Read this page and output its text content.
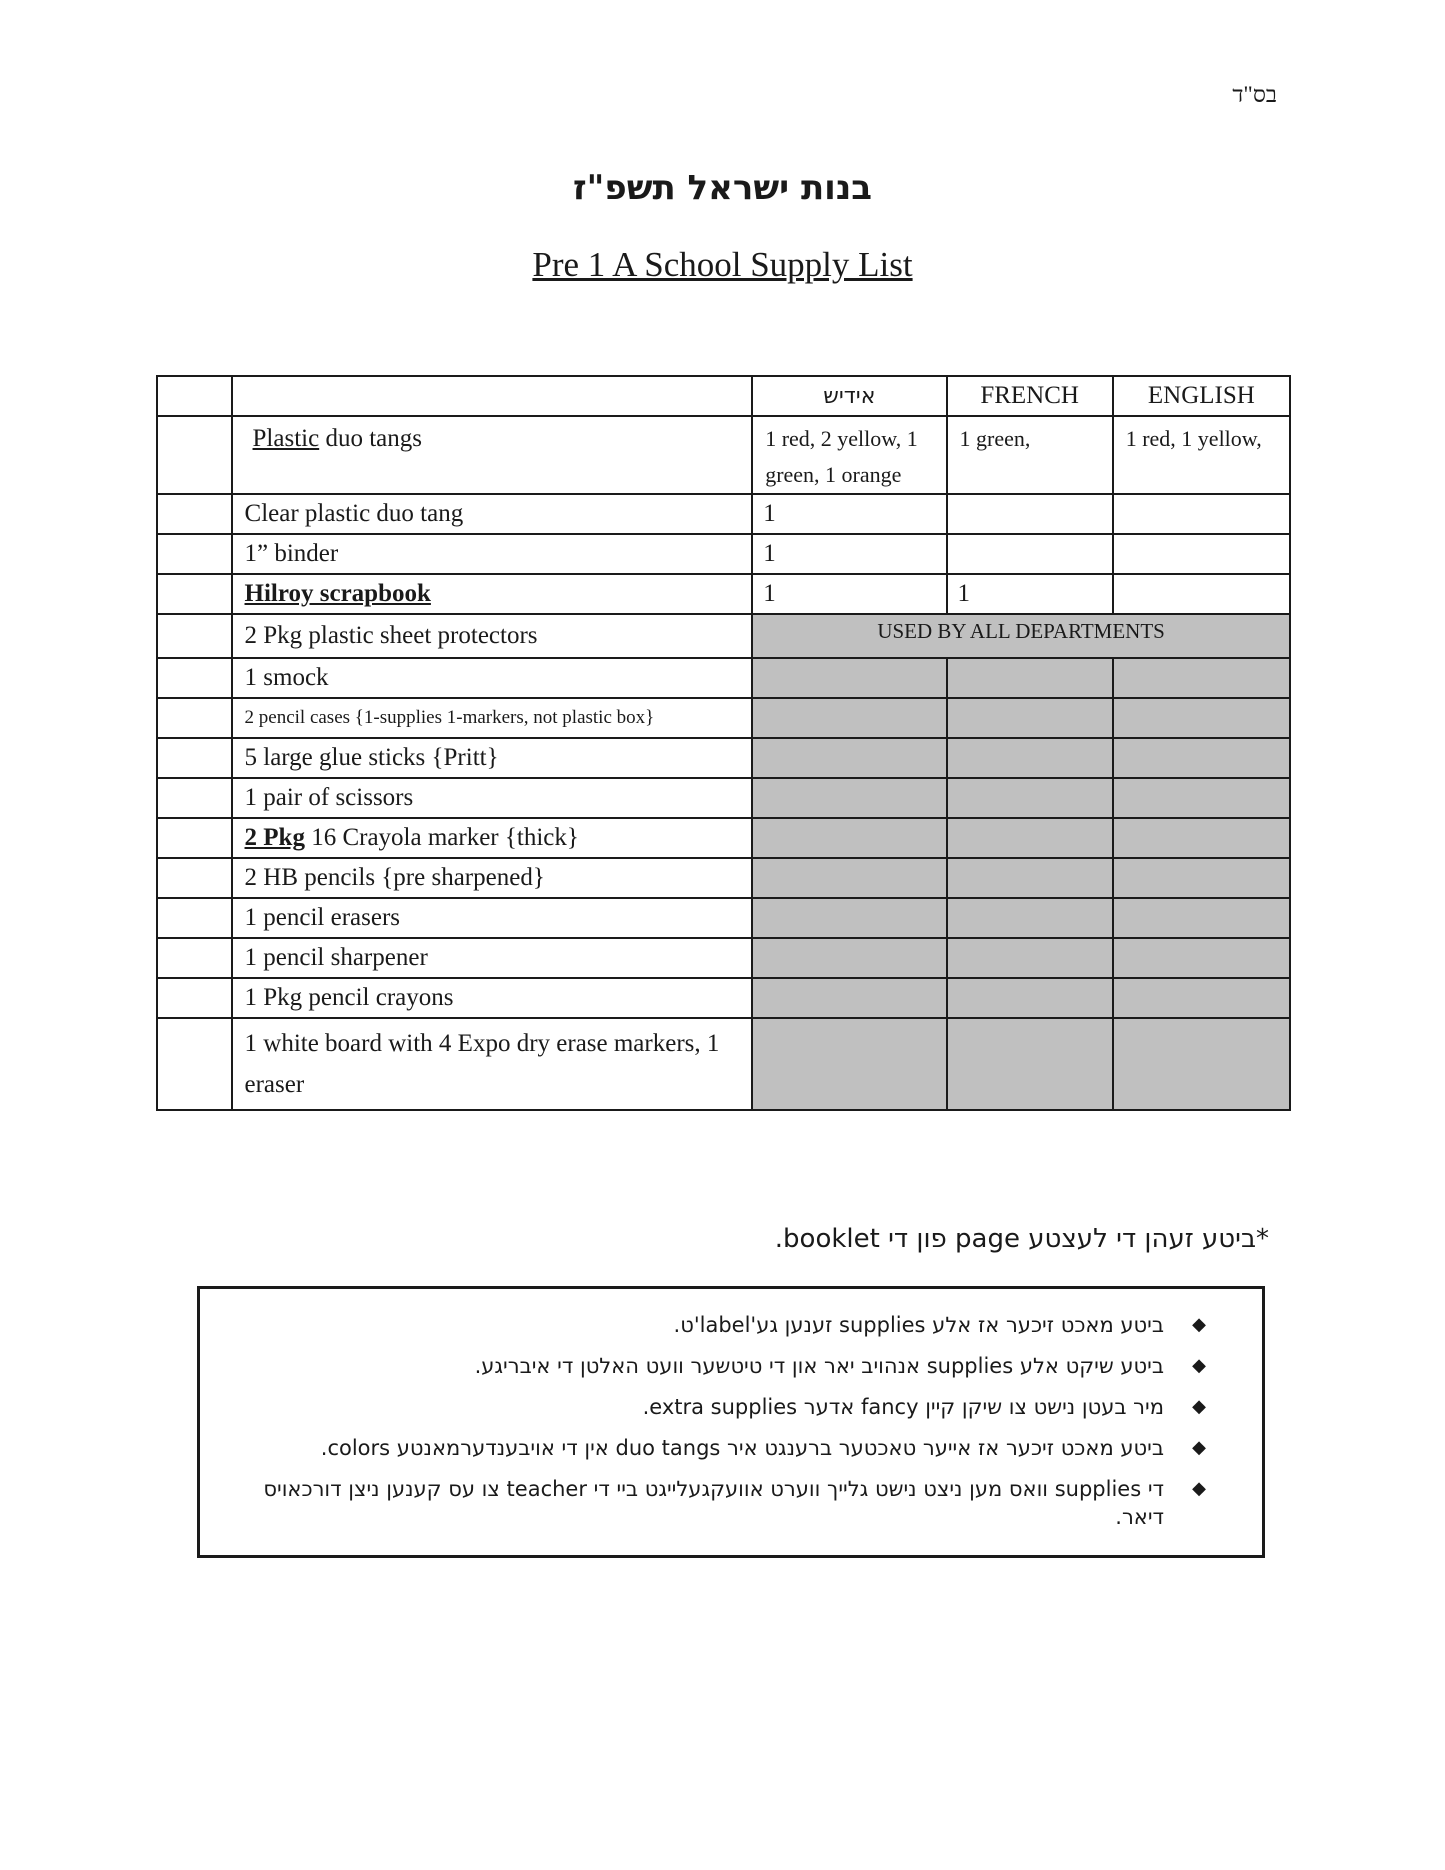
בס"ד
בנות ישראל תשפ"ז
Pre 1 A School Supply List
		אידיש	FRENCH	ENGLISH
	Plastic duo tangs	1 red, 2 yellow, 1 green, 1 orange	1 green,	1 red, 1 yellow,
	Clear plastic duo tang	1		
	1” binder	1		
	Hilroy scrapbook	1	1	
	2 Pkg plastic sheet protectors	USED BY ALL DEPARTMENTS		
	1 smock			
	2 pencil cases {1-supplies 1-markers, not plastic box}			
	5 large glue sticks {Pritt}			
	1 pair of scissors			
	2 Pkg 16 Crayola marker {thick}			
	2 HB pencils {pre sharpened}			
	1 pencil erasers			
	1 pencil sharpener			
	1 Pkg pencil crayons			
	1 white board with 4 Expo dry erase markers, 1 eraser			
*ביטע זעהן די לעצטע page פון די booklet.
◆
ביטע מאכט זיכער אז אלע supplies זענען גע'label'ט.
◆
ביטע שיקט אלע supplies אנהויב יאר און די טיטשער וועט האלטן די איבריגע.
◆
מיר בעטן נישט צו שיקן קיין fancy אדער extra supplies.
◆
ביטע מאכט זיכער אז אייער טאכטער ברענגט איר duo tangs אין די אויבענדערמאנטע colors.
◆
די supplies וואס מען ניצט נישט גלייך ווערט אוועקגעלייגט ביי די teacher צו עס קענען ניצן דורכאויס דיאר.
